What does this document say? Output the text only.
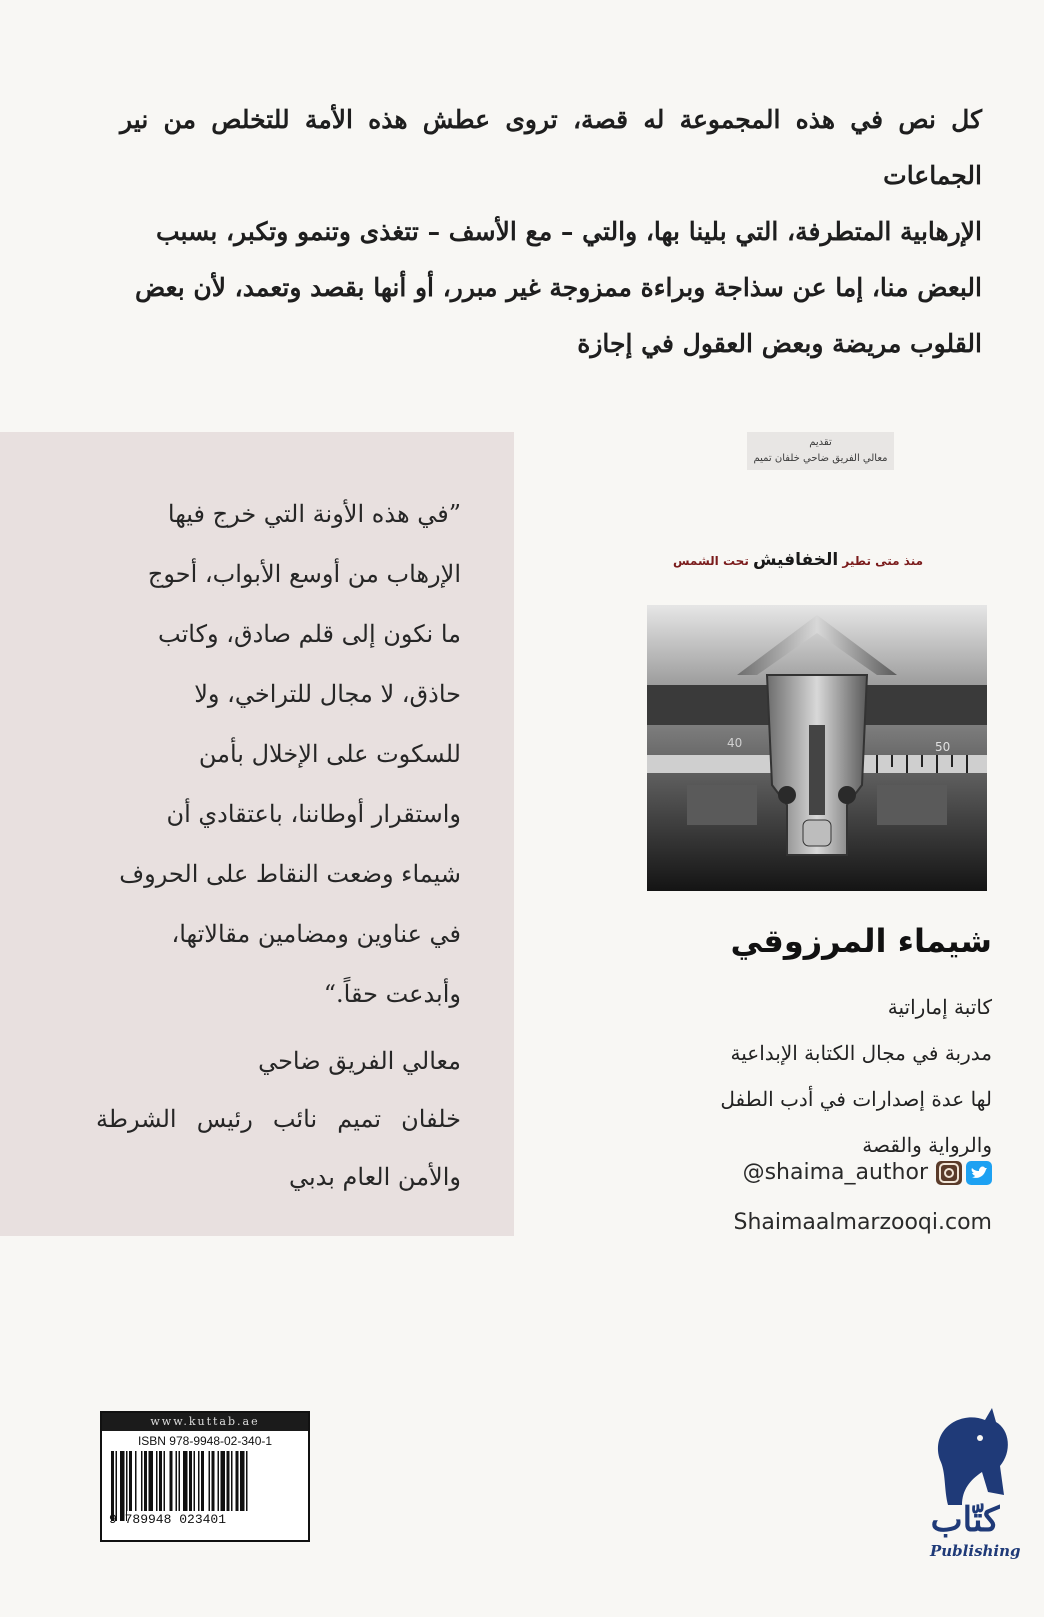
كل نص في هذه المجموعة له قصة، تروى عطش هذه الأمة للتخلص من نير الجماعات

الإرهابية المتطرفة، التي بلينا بها، والتي – مع الأسف – تتغذى وتنمو وتكبر، بسبب

البعض منا، إما عن سذاجة وبراءة ممزوجة غير مبرر، أو أنها بقصد وتعمد، لأن بعض

القلوب مريضة وبعض العقول في إجازة

”في هذه الأونة التي خرج فيها

الإرهاب من أوسع الأبواب، أحوج

ما نكون إلى قلم صادق، وكاتب

حاذق، لا مجال للتراخي، ولا

للسكوت على الإخلال بأمن

واستقرار أوطاننا، باعتقادي أن

شيماء وضعت النقاط على الحروف

في عناوين ومضامين مقالاتها،

وأبدعت حقاً.“

معالي الفريق ضاحي

خلفان تميم نائب رئيس الشرطة

والأمن العام بدبي

تقديم
معالي الفريق ضاحي خلفان تميم
منذ متى تطير الخفافيش تحت الشمس
40	50
شيماء المرزوقي

كاتبة إماراتية

مدربة في مجال الكتابة الإبداعية

لها عدة إصدارات في أدب الطفل

والرواية والقصة

@shaima_author
Shaimaalmarzooqi.com
www.kuttab.ae
ISBN 978-9948-02-340-1
9 789948 023401	كتّاب
Publishing
